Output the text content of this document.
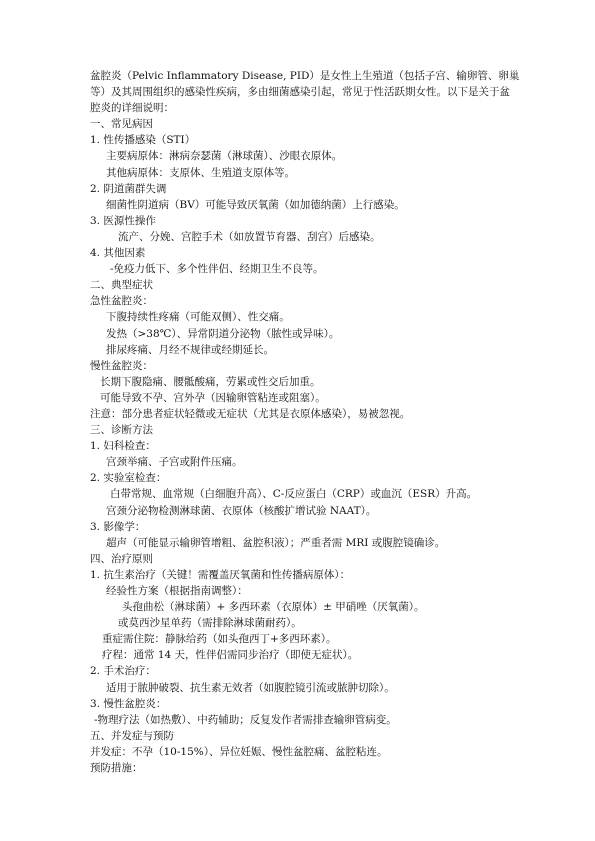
盆腔炎（Pelvic Inflammatory Disease, PID）是女性上生殖道（包括子宫、输卵管、卵巢等）及其周围组织的感染性疾病，多由细菌感染引起，常见于性活跃期女性。以下是关于盆腔炎的详细说明：
一、常见病因
1. 性传播感染（STI）
主要病原体：淋病奈瑟菌（淋球菌）、沙眼衣原体。
其他病原体：支原体、生殖道支原体等。
2. 阴道菌群失调
细菌性阴道病（BV）可能导致厌氧菌（如加德纳菌）上行感染。
3. 医源性操作
流产、分娩、宫腔手术（如放置节育器、刮宫）后感染。
4. 其他因素
-免疫力低下、多个性伴侣、经期卫生不良等。
二、典型症状
急性盆腔炎：
下腹持续性疼痛（可能双侧）、性交痛。
发热（>38℃）、异常阴道分泌物（脓性或异味）。
排尿疼痛、月经不规律或经期延长。
慢性盆腔炎：
长期下腹隐痛、腰骶酸痛，劳累或性交后加重。
可能导致不孕、宫外孕（因输卵管粘连或阻塞）。
注意：部分患者症状轻微或无症状（尤其是衣原体感染），易被忽视。
三、诊断方法
1. 妇科检查：
宫颈举痛、子宫或附件压痛。
2. 实验室检查：
白带常规、血常规（白细胞升高）、C-反应蛋白（CRP）或血沉（ESR）升高。
宫颈分泌物检测淋球菌、衣原体（核酸扩增试验 NAAT）。
3. 影像学：
超声（可能显示输卵管增粗、盆腔积液）；严重者需 MRI 或腹腔镜确诊。
四、治疗原则
1. 抗生素治疗（关键！需覆盖厌氧菌和性传播病原体）：
经验性方案（根据指南调整）：
头孢曲松（淋球菌）+ 多西环素（衣原体）± 甲硝唑（厌氧菌）。
或莫西沙星单药（需排除淋球菌耐药）。
重症需住院：静脉给药（如头孢西丁+多西环素）。
疗程：通常 14 天，性伴侣需同步治疗（即使无症状）。
2. 手术治疗：
适用于脓肿破裂、抗生素无效者（如腹腔镜引流或脓肿切除）。
3. 慢性盆腔炎：
-物理疗法（如热敷）、中药辅助；反复发作者需排查输卵管病变。
五、并发症与预防
并发症：不孕（10-15%）、异位妊娠、慢性盆腔痛、盆腔粘连。
预防措施：
